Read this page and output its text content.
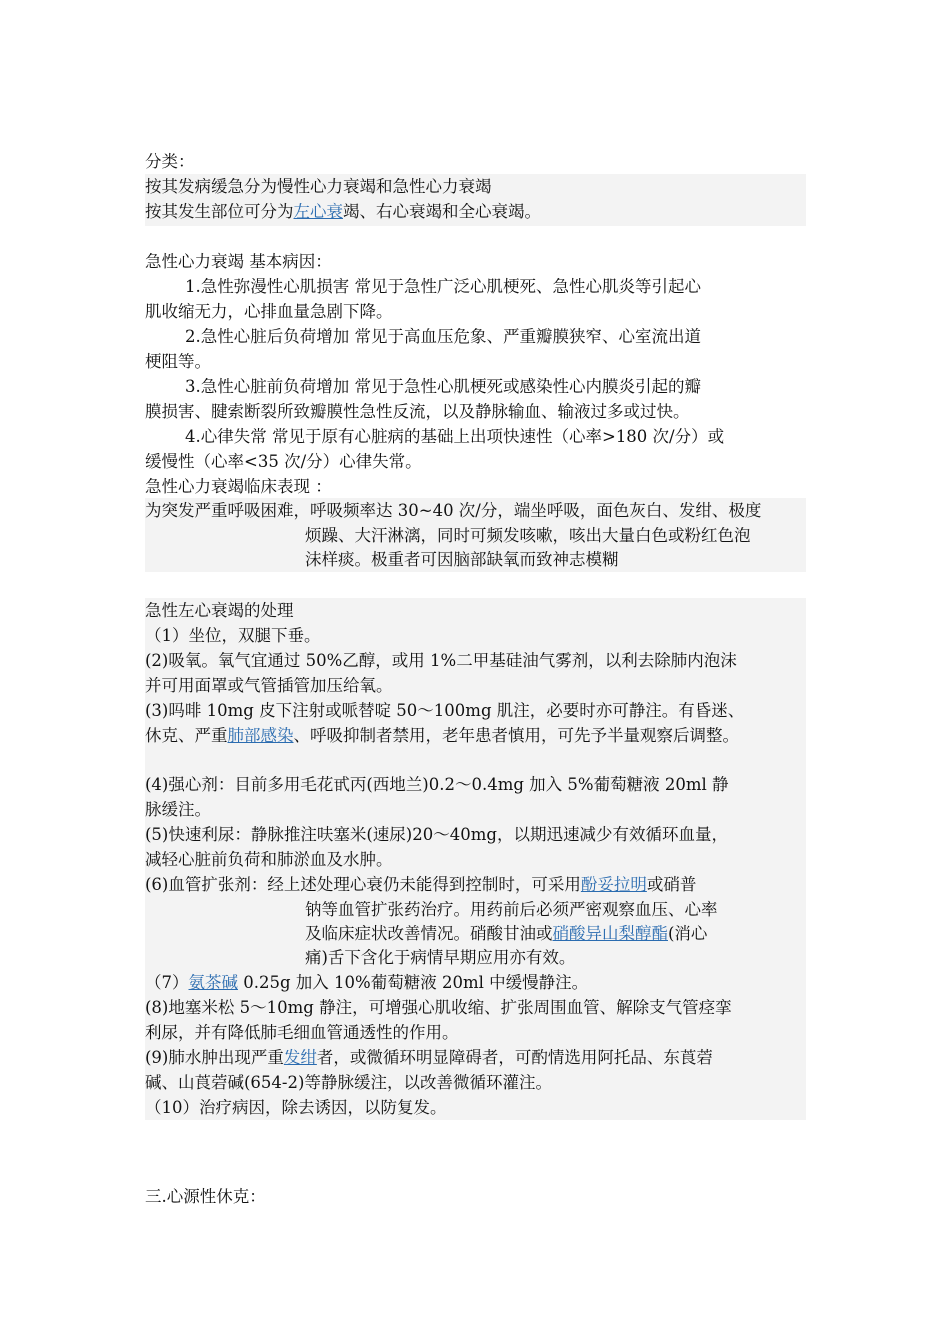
分类：
按其发病缓急分为慢性心力衰竭和急性心力衰竭
按其发生部位可分为左心衰竭、右心衰竭和全心衰竭。
急性心力衰竭 基本病因：
1.急性弥漫性心肌损害 常见于急性广泛心肌梗死、急性心肌炎等引起心
肌收缩无力，心排血量急剧下降。
2.急性心脏后负荷增加 常见于高血压危象、严重瓣膜狭窄、心室流出道
梗阻等。
3.急性心脏前负荷增加 常见于急性心肌梗死或感染性心内膜炎引起的瓣
膜损害、腱索断裂所致瓣膜性急性反流，以及静脉输血、输液过多或过快。
4.心律失常 常见于原有心脏病的基础上出项快速性（心率>180 次/分）或
缓慢性（心率<35 次/分）心律失常。
急性心力衰竭临床表现 ：
为突发严重呼吸困难，呼吸频率达 30~40 次/分，端坐呼吸，面色灰白、发绀、极度
烦躁、大汗淋漓，同时可频发咳嗽，咳出大量白色或粉红色泡
沫样痰。极重者可因脑部缺氧而致神志模糊
急性左心衰竭的处理
（1）坐位，双腿下垂。
(2)吸氧。氧气宜通过 50%乙醇，或用 1%二甲基硅油气雾剂，以利去除肺内泡沫
并可用面罩或气管插管加压给氧。
(3)吗啡 10mg 皮下注射或哌替啶 50～100mg 肌注，必要时亦可静注。有昏迷、
休克、严重肺部感染、呼吸抑制者禁用，老年患者慎用，可先予半量观察后调整。
(4)强心剂：目前多用毛花甙丙(西地兰)0.2～0.4mg 加入 5%葡萄糖液 20ml 静
脉缓注。
(5)快速利尿：静脉推注呋塞米(速尿)20～40mg，以期迅速减少有效循环血量，
减轻心脏前负荷和肺淤血及水肿。
(6)血管扩张剂：经上述处理心衰仍未能得到控制时，可采用酚妥拉明或硝普
钠等血管扩张药治疗。用药前后必须严密观察血压、心率
及临床症状改善情况。硝酸甘油或硝酸异山梨醇酯(消心
痛)舌下含化于病情早期应用亦有效。
（7）氨茶碱 0.25g 加入 10%葡萄糖液 20ml 中缓慢静注。
(8)地塞米松 5～10mg 静注，可增强心肌收缩、扩张周围血管、解除支气管痉挛
利尿，并有降低肺毛细血管通透性的作用。
(9)肺水肿出现严重发绀者，或微循环明显障碍者，可酌情选用阿托品、东莨菪
碱、山莨菪碱(654-2)等静脉缓注，以改善微循环灌注。
（10）治疗病因，除去诱因，以防复发。
三.心源性休克：
